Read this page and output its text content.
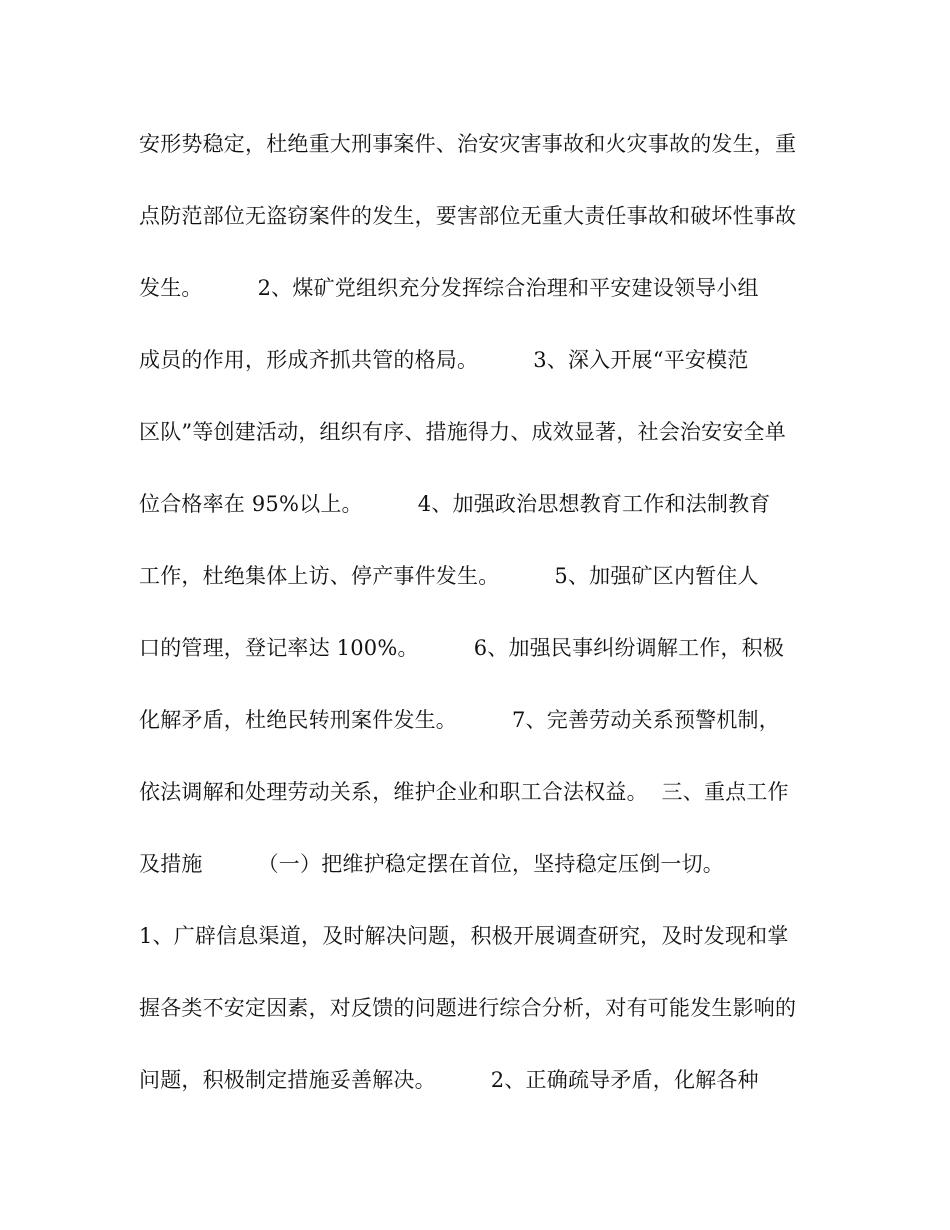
安形势稳定，杜绝重大刑事案件、治安灾害事故和火灾事故的发生，重
点防范部位无盗窃案件的发生，要害部位无重大责任事故和破坏性事故
发生。        2、煤矿党组织充分发挥综合治理和平安建设领导小组
成员的作用，形成齐抓共管的格局。        3、深入开展“平安模范
区队”等创建活动，组织有序、措施得力、成效显著，社会治安安全单
位合格率在 95%以上。        4、加强政治思想教育工作和法制教育
工作，杜绝集体上访、停产事件发生。        5、加强矿区内暂住人
口的管理，登记率达 100%。        6、加强民事纠纷调解工作，积极
化解矛盾，杜绝民转刑案件发生。        7、完善劳动关系预警机制，
依法调解和处理劳动关系，维护企业和职工合法权益。  三、重点工作
及措施        （一）把维护稳定摆在首位，坚持稳定压倒一切。
1、广辟信息渠道，及时解决问题，积极开展调查研究，及时发现和掌
握各类不安定因素，对反馈的问题进行综合分析，对有可能发生影响的
问题，积极制定措施妥善解决。        2、正确疏导矛盾，化解各种
